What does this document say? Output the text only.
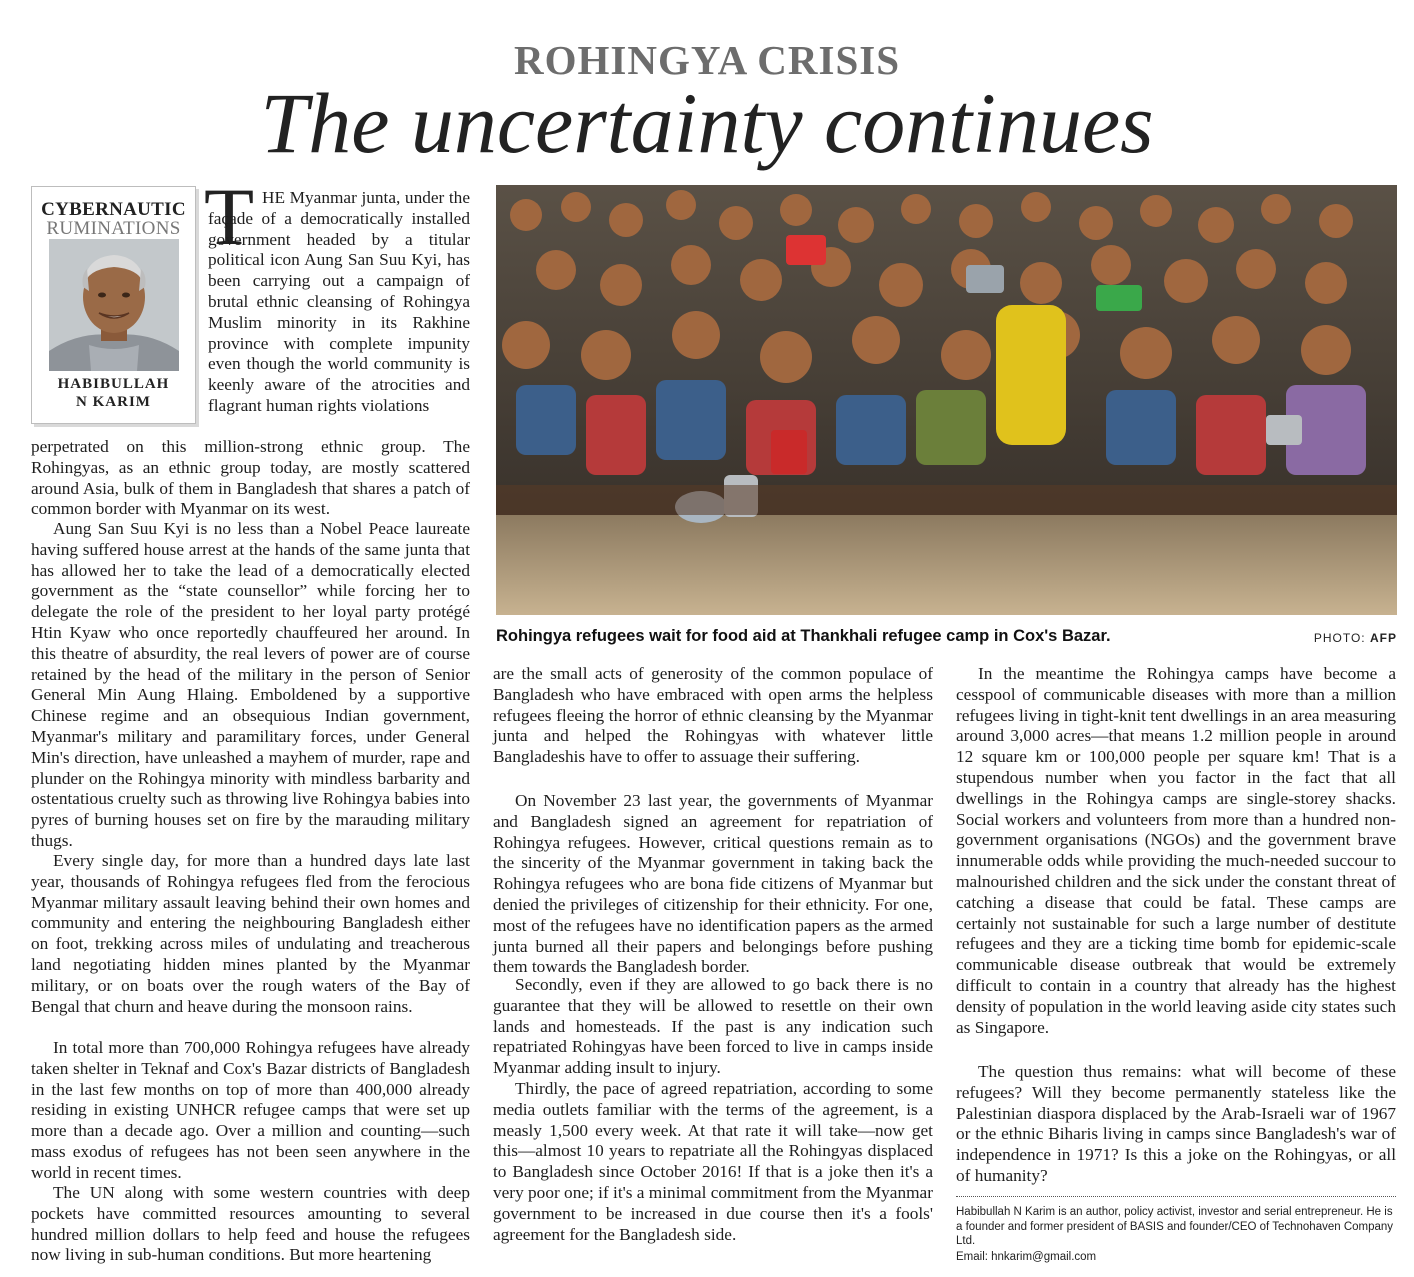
ROHINGYA CRISIS
The uncertainty continues
CYBERNAUTIC
RUMINATIONS
HABIBULLAH
N KARIM
T HE Myanmar junta, under the façade of a democratically installed government headed by a titular political icon Aung San Suu Kyi, has been carrying out a campaign of brutal ethnic cleansing of Rohingya Muslim minority in its Rakhine province with complete impunity even though the world community is keenly aware of the atrocities and flagrant human rights violations

perpetrated on this million-strong ethnic group. The Rohingyas, as an ethnic group today, are mostly scattered around Asia, bulk of them in Bangladesh that shares a patch of common border with Myanmar on its west.

Aung San Suu Kyi is no less than a Nobel Peace laureate having suffered house arrest at the hands of the same junta that has allowed her to take the lead of a democratically elected government as the “state counsellor” while forcing her to delegate the role of the president to her loyal party protégé Htin Kyaw who once reportedly chauffeured her around. In this theatre of absurdity, the real levers of power are of course retained by the head of the military in the person of Senior General Min Aung Hlaing. Emboldened by a supportive Chinese regime and an obsequious Indian government, Myanmar's military and paramilitary forces, under General Min's direction, have unleashed a mayhem of murder, rape and plunder on the Rohingya minority with mindless barbarity and ostentatious cruelty such as throwing live Rohingya babies into pyres of burning houses set on fire by the marauding military thugs.

Every single day, for more than a hundred days late last year, thousands of Rohingya refugees fled from the ferocious Myanmar military assault leaving behind their own homes and community and entering the neighbouring Bangladesh either on foot, trekking across miles of undulating and treacherous land negotiating hidden mines planted by the Myanmar military, or on boats over the rough waters of the Bay of Bengal that churn and heave during the monsoon rains.

In total more than 700,000 Rohingya refugees have already taken shelter in Teknaf and Cox's Bazar districts of Bangladesh in the last few months on top of more than 400,000 already residing in existing UNHCR refugee camps that were set up more than a decade ago. Over a million and counting—such mass exodus of refugees has not been seen anywhere in the world in recent times.

The UN along with some western countries with deep pockets have committed resources amounting to several hundred million dollars to help feed and house the refugees now living in sub-human conditions. But more heartening

Rohingya refugees wait for food aid at Thankhali refugee camp in Cox's Bazar.	PHOTO: AFP

are the small acts of generosity of the common populace of Bangladesh who have embraced with open arms the helpless refugees fleeing the horror of ethnic cleansing by the Myanmar junta and helped the Rohingyas with whatever little Bangladeshis have to offer to assuage their suffering.

On November 23 last year, the governments of Myanmar and Bangladesh signed an agreement for repatriation of Rohingya refugees. However, critical questions remain as to the sincerity of the Myanmar government in taking back the Rohingya refugees who are bona fide citizens of Myanmar but denied the privileges of citizenship for their ethnicity. For one, most of the refugees have no identification papers as the armed junta burned all their papers and belongings before pushing them towards the Bangladesh border.

Secondly, even if they are allowed to go back there is no guarantee that they will be allowed to resettle on their own lands and homesteads. If the past is any indication such repatriated Rohingyas have been forced to live in camps inside Myanmar adding insult to injury.

Thirdly, the pace of agreed repatriation, according to some media outlets familiar with the terms of the agreement, is a measly 1,500 every week. At that rate it will take—now get this—almost 10 years to repatriate all the Rohingyas displaced to Bangladesh since October 2016! If that is a joke then it's a very poor one; if it's a minimal commitment from the Myanmar government to be increased in due course then it's a fools' agreement for the Bangladesh side.

In the meantime the Rohingya camps have become a cesspool of communicable diseases with more than a million refugees living in tight-knit tent dwellings in an area measuring around 3,000 acres—that means 1.2 million people in around 12 square km or 100,000 people per square km! That is a stupendous number when you factor in the fact that all dwellings in the Rohingya camps are single-storey shacks. Social workers and volunteers from more than a hundred non-government organisations (NGOs) and the government brave innumerable odds while providing the much-needed succour to malnourished children and the sick under the constant threat of catching a disease that could be fatal. These camps are certainly not sustainable for such a large number of destitute refugees and they are a ticking time bomb for epidemic-scale communicable disease outbreak that would be extremely difficult to contain in a country that already has the highest density of population in the world leaving aside city states such as Singapore.

The question thus remains: what will become of these refugees? Will they become permanently stateless like the Palestinian diaspora displaced by the Arab-Israeli war of 1967 or the ethnic Biharis living in camps since Bangladesh's war of independence in 1971? Is this a joke on the Rohingyas, or all of humanity?

Habibullah N Karim is an author, policy activist, investor and serial entrepreneur. He is a founder and former president of BASIS and founder/CEO of Technohaven Company Ltd.

Email: hnkarim@gmail.com
